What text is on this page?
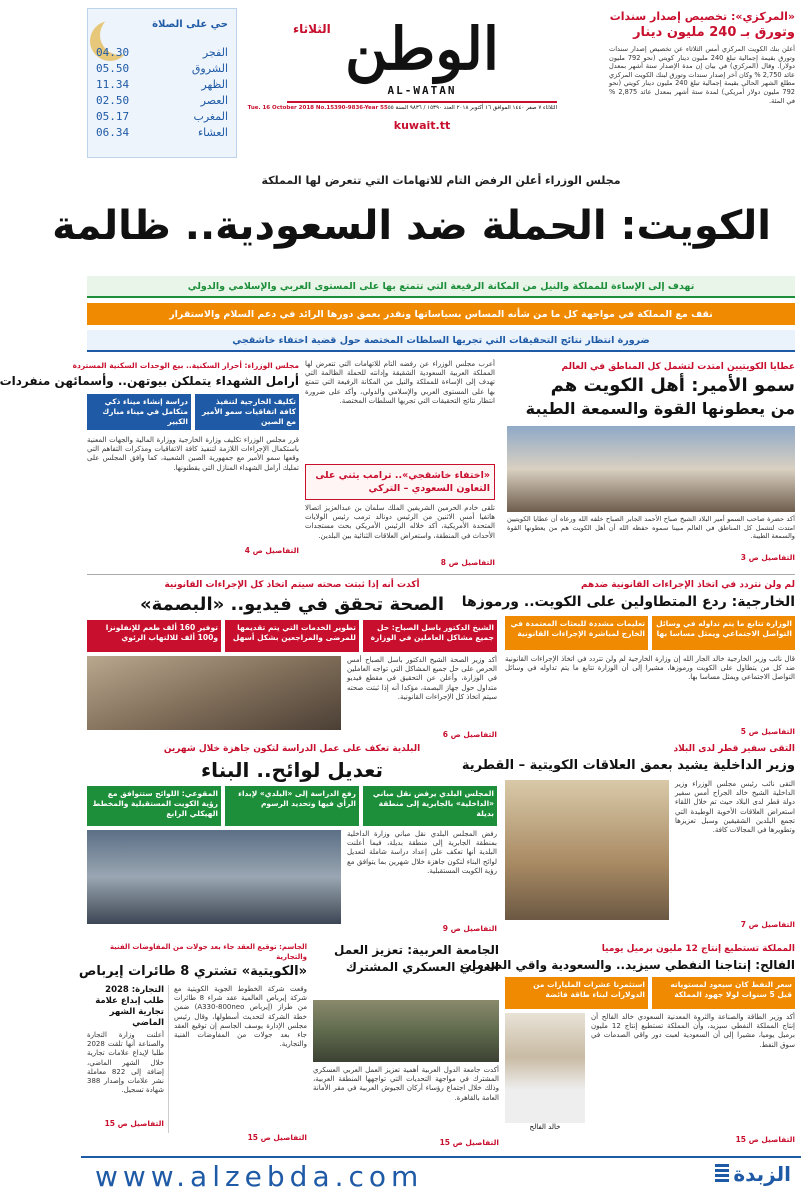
حي على الصلاة
الفجر
04.30
الشروق
05.50
الظهر
11.34
العصر
02.50
المغرب
05.17
العشاء
06.34
الثلاثاء الوطن
AL-WATAN
الثلاثاء ٧ صفر ١٤٤٠ الموافق ١٦ أكتوبر ٢٠١٨ العدد ١٥٣٩٠ / ٩٨٣٦ السنة ٥٥
Tue. 16 October 2018 No.15390-9836-Year 55
kuwait.tt
«المركزي»: تخصيص إصدار سندات
وتورق بـ 240 مليون دينار
أعلن بنك الكويت المركزي أمس الثلاثاء عن تخصيص إصدار سندات وتورق بقيمة إجمالية تبلغ 240 مليون دينار كويتي (نحو 792 مليون دولار). وقال (المركزي) في بيان إن مدة الإصدار ستة أشهر بمعدل عائد 2,750 % وكان آخر إصدار سندات وتورق لبنك الكويت المركزي مطلع الشهر الحالي بقيمة إجمالية تبلغ 240 مليون دينار كويتي (نحو 792 مليون دولار أمريكي) لمدة ستة أشهر بمعدل عائد 2,875 % في المئة.
مجلس الوزراء أعلن الرفض التام للاتهامات التي تتعرض لها المملكة
الكويت: الحملة ضد السعودية.. ظالمة
تهدف إلى الإساءة للمملكة والنيل من المكانة الرفيعة التي تتمتع بها على المستوى العربي والإسلامي والدولي
نقف مع المملكة في مواجهة كل ما من شأنه المساس بسياساتها ونقدر بعمق دورها الرائد في دعم السلام والاستقرار
ضرورة انتظار نتائج التحقيقات التي تجريها السلطات المختصة حول قضية اختفاء خاشقجي
عطايا الكويتيين امتدت لتشمل كل المناطق في العالم
سمو الأمير: أهل الكويت هم
من يعطونها القوة والسمعة الطيبة
أكد حضرة صاحب السمو أمير البلاد الشيخ صباح الأحمد الجابر الصباح خلفه الله ورعاه أن عطايا الكويتيين امتدت لتشمل كل المناطق في العالم مبينا سموه حفظه الله أن أهل الكويت هم من يعطونها القوة والسمعة الطيبة.
التفاصيل ص 3
أعرب مجلس الوزراء عن رفضه التام للاتهامات التي تتعرض لها المملكة العربية السعودية الشقيقة وإدانته للحملة الظالمة التي تهدف إلى الإساءة للمملكة والنيل من المكانة الرفيعة التي تتمتع بها على المستوى العربي والإسلامي والدولي، وأكد على ضرورة انتظار نتائج التحقيقات التي تجريها السلطات المختصة.
«اختفاء خاشقجي».. ترامب يثني على التعاون السعودي – التركي
تلقى خادم الحرمين الشريفين الملك سلمان بن عبدالعزيز اتصالا هاتفيا أمس الاثنين من الرئيس دونالد ترمب رئيس الولايات المتحدة الأمريكية، أكد خلاله الرئيس الأمريكي بحث مستجدات الأحداث في المنطقة، واستعراض العلاقات الثنائية بين البلدين.
التفاصيل ص 8
مجلس الوزراء: أحرار السكنية.. بيع الوحدات السكنية المستردة
أرامل الشهداء يتملكن بيوتهن.. وأسمائهن منفردات
تكليف الخارجية لتنفيذ كافة اتفاقيات سمو الأمير مع الصين
دراسة إنشاء ميناء ذكي متكامل في ميناء مبارك الكبير
قرر مجلس الوزراء تكليف وزارة الخارجية ووزارة المالية والجهات المعنية باستكمال الإجراءات اللازمة لتنفيذ كافة الاتفاقيات ومذكرات التفاهم التي وقعها سمو الأمير مع جمهورية الصين الشعبية، كما وافق المجلس على تمليك أرامل الشهداء المنازل التي يقطنونها.
التفاصيل ص 4
لم ولن نتردد في اتخاذ الإجراءات القانونية ضدهم
الخارجية: ردع المتطاولين على الكويت.. ورموزها
الوزارة تتابع ما يتم تداوله في وسائل التواصل الاجتماعي ويمثل مساسا بها
تعليمات مشددة للبعثات المعتمدة في الخارج لمباشرة الإجراءات القانونية
قال نائب وزير الخارجية خالد الجار الله إن وزارة الخارجية لم ولن تتردد في اتخاذ الإجراءات القانونية ضد كل من يتطاول على الكويت ورموزها، مشيرا إلى أن الوزارة تتابع ما يتم تداوله في وسائل التواصل الاجتماعي ويمثل مساسا بها.
التفاصيل ص 5
أكدت أنه إذا ثبتت صحته سيتم اتخاذ كل الإجراءات القانونية
الصحة تحقق في فيديو.. «البصمة»
الشيخ الدكتور باسل الصباح: حل جميع مشاكل العاملين في الوزارة
تطوير الخدمات التي يتم تقديمها للمرضى والمراجعين بشكل أسهل
توفير 160 ألف طعم للإنفلونزا و100 ألف للالتهاب الرئوي
أكد وزير الصحة الشيخ الدكتور باسل الصباح أمس الحرص على حل جميع المشاكل التي تواجه العاملين في الوزارة، وأعلن عن التحقيق في مقطع فيديو متداول حول جهاز البصمة، مؤكدا أنه إذا ثبتت صحته سيتم اتخاذ كل الإجراءات القانونية.
التفاصيل ص 6
التقى سفير قطر لدى البلاد
وزير الداخلية يشيد بعمق العلاقات الكويتية – القطرية
التقى نائب رئيس مجلس الوزراء وزير الداخلية الشيخ خالد الجراح أمس سفير دولة قطر لدى البلاد حيث تم خلال اللقاء استعراض العلاقات الأخوية الوطيدة التي تجمع البلدين الشقيقين وسبل تعزيزها وتطويرها في المجالات كافة.
التفاصيل ص 7
البلدية تعكف على عمل الدراسة لتكون جاهزة خلال شهرين
تعديل لوائح.. البناء
المجلس البلدي يرفض نقل مباني «الداخلية» بالجابرية إلى منطقة بديلة
رفع الدراسة إلى «البلدي» لإبداء الرأي فيها وتحديد الرسوم
المقوعي: اللوائح ستتوافق مع رؤية الكويت المستقبلية والمخطط الهيكلي الرابع
رفض المجلس البلدي نقل مباني وزارة الداخلية بمنطقة الجابرية إلى منطقة بديلة، فيما أعلنت البلدية أنها تعكف على إعداد دراسة شاملة لتعديل لوائح البناء لتكون جاهزة خلال شهرين بما يتوافق مع رؤية الكويت المستقبلية.
التفاصيل ص 9
المملكة تستطيع إنتاج 12 مليون برميل يوميا
الفالح: إنتاجنا النفطي سيزيد.. والسعودية واقي الصدمات
سعر النفط كان سيعود لمستوياته قبل 5 سنوات لولا جهود المملكة
استثمرنا عشرات المليارات من الدولارات لبناء طاقة فائضة
أكد وزير الطاقة والصناعة والثروة المعدنية السعودي خالد الفالح أن إنتاج المملكة النفطي سيزيد، وأن المملكة تستطيع إنتاج 12 مليون برميل يوميا، مشيرا إلى أن السعودية لعبت دور واقي الصدمات في سوق النفط.
خالد الفالح
التفاصيل ص 15
الجامعة العربية: تعزيز العمل العربي العسكري المشترك
أكدت جامعة الدول العربية أهمية تعزيز العمل العربي العسكري المشترك في مواجهة التحديات التي تواجهها المنطقة العربية، وذلك خلال اجتماع رؤساء أركان الجيوش العربية في مقر الأمانة العامة بالقاهرة.
التفاصيل ص 15
الجاسم: توقيع العقد جاء بعد جولات من المفاوضات الفنية والتجارية
«الكويتية» تشتري 8 طائرات إيرباص
وقعت شركة الخطوط الجوية الكويتية مع شركة إيرباص العالمية عقد شراء 8 طائرات من طراز (إيرباص A330-800neo) ضمن خطة الشركة لتحديث أسطولها، وقال رئيس مجلس الإدارة يوسف الجاسم إن توقيع العقد جاء بعد جولات من المفاوضات الفنية والتجارية.
التجارة: 2028 طلب إبداع علامة تجارية الشهر الماضي
أعلنت وزارة التجارة والصناعة أنها تلقت 2028 طلبا لإيداع علامات تجارية خلال الشهر الماضي، إضافة إلى 822 معاملة نشر علامات وإصدار 388 شهادة تسجيل.
التفاصيل ص 15
التفاصيل ص 15
www.alzebda.com	الزبدة
